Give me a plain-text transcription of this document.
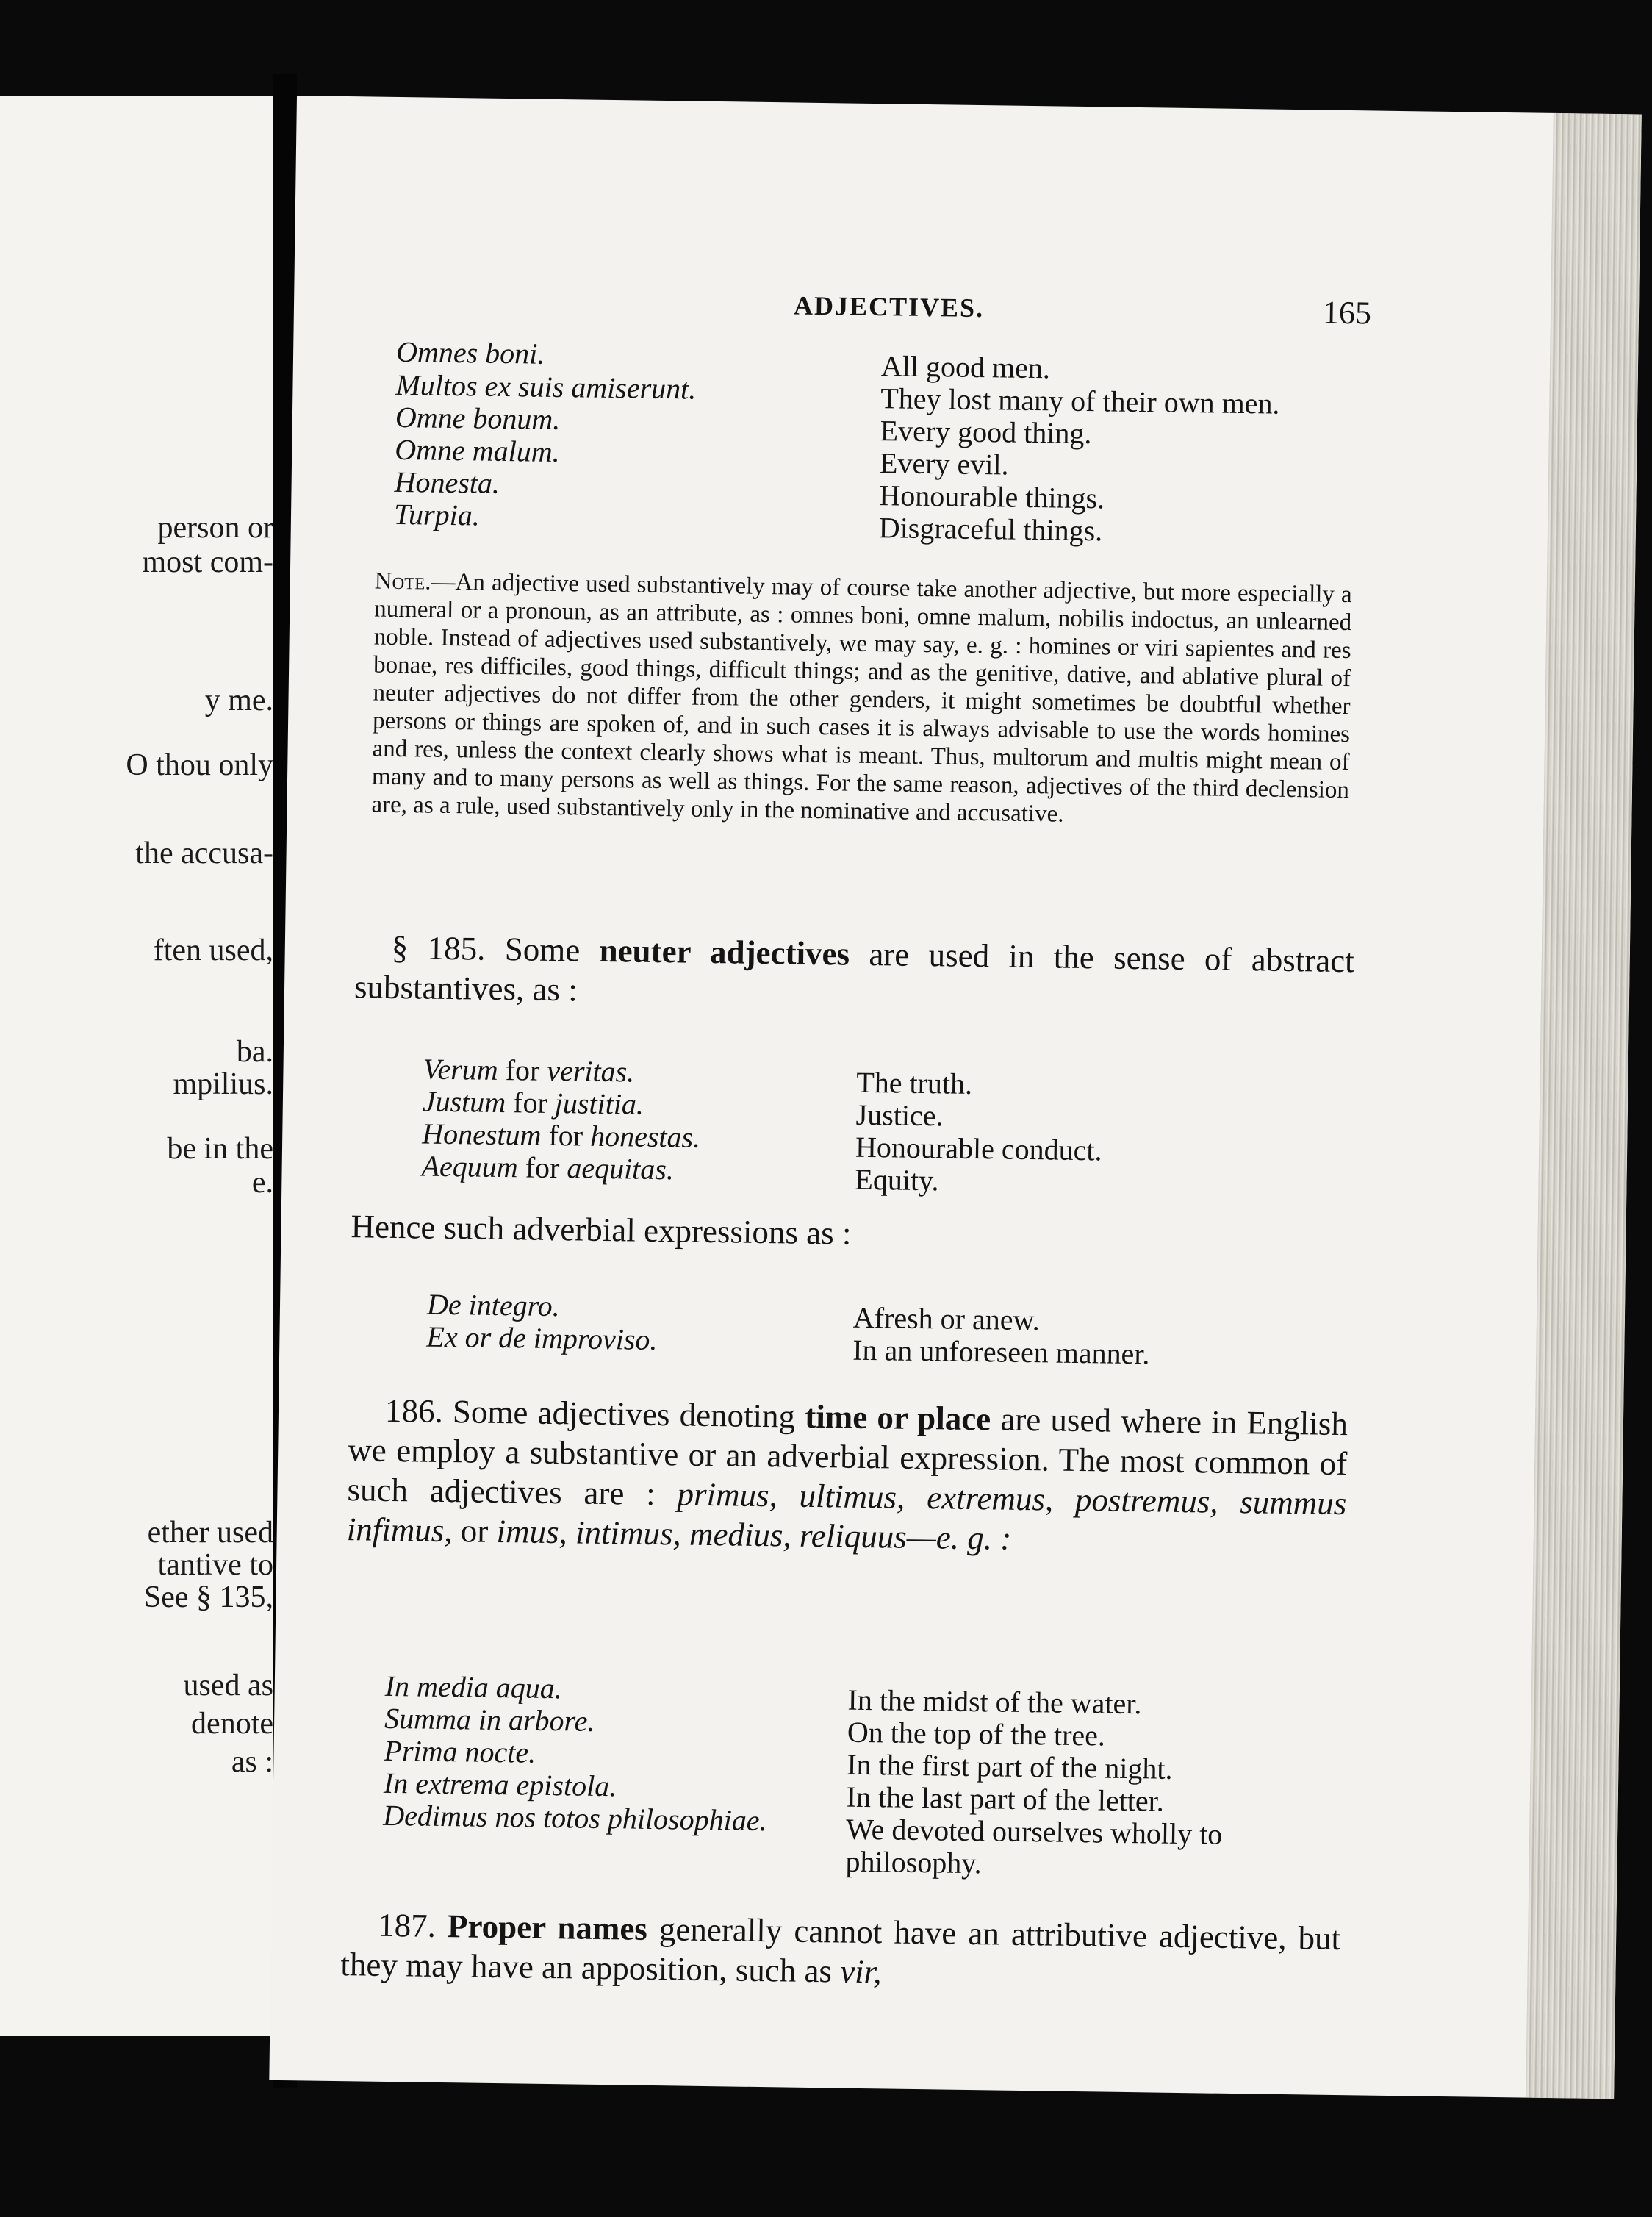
person or
most com-
y me.
O thou only
the accusa-
ften used,
ba.
mpilius.
be in the
e.
ether used
tantive to
See § 135,
used as
denote
as :
ADJECTIVES.	165
Omnes boni.
Multos ex suis amiserunt.
Omne bonum.
Omne malum.
Honesta.
Turpia.
All good men.
They lost many of their own men.
Every good thing.
Every evil.
Honourable things.
Disgraceful things.
Note.—An adjective used substantively may of course take another adjective, but more especially a numeral or a pronoun, as an attribute, as : omnes boni, omne malum, nobilis indoctus, an unlearned noble. Instead of adjectives used substantively, we may say, e. g. : homines or viri sapientes and res bonae, res difficiles, good things, difficult things; and as the genitive, dative, and ablative plural of neuter adjectives do not differ from the other genders, it might sometimes be doubtful whether persons or things are spoken of, and in such cases it is always advisable to use the words homines and res, unless the context clearly shows what is meant. Thus, multorum and multis might mean of many and to many persons as well as things. For the same reason, adjectives of the third declension are, as a rule, used substantively only in the nominative and accusative.
§ 185. Some neuter adjectives are used in the sense of abstract substantives, as :
Verum for veritas.
Justum for justitia.
Honestum for honestas.
Aequum for aequitas.
The truth.
Justice.
Honourable conduct.
Equity.
Hence such adverbial expressions as :
De integro.
Ex or de improviso.
Afresh or anew.
In an unforeseen manner.
186. Some adjectives denoting time or place are used where in English we employ a substantive or an adverbial expression. The most common of such adjectives are : primus, ultimus, extremus, postremus, summus infimus, or imus, intimus, medius, reliquus—e. g. :
In media aqua.
Summa in arbore.
Prima nocte.
In extrema epistola.
Dedimus nos totos philosophiae.
In the midst of the water.
On the top of the tree.
In the first part of the night.
In the last part of the letter.
We devoted ourselves wholly to philosophy.
187. Proper names generally cannot have an attributive adjective, but they may have an apposition, such as vir,
